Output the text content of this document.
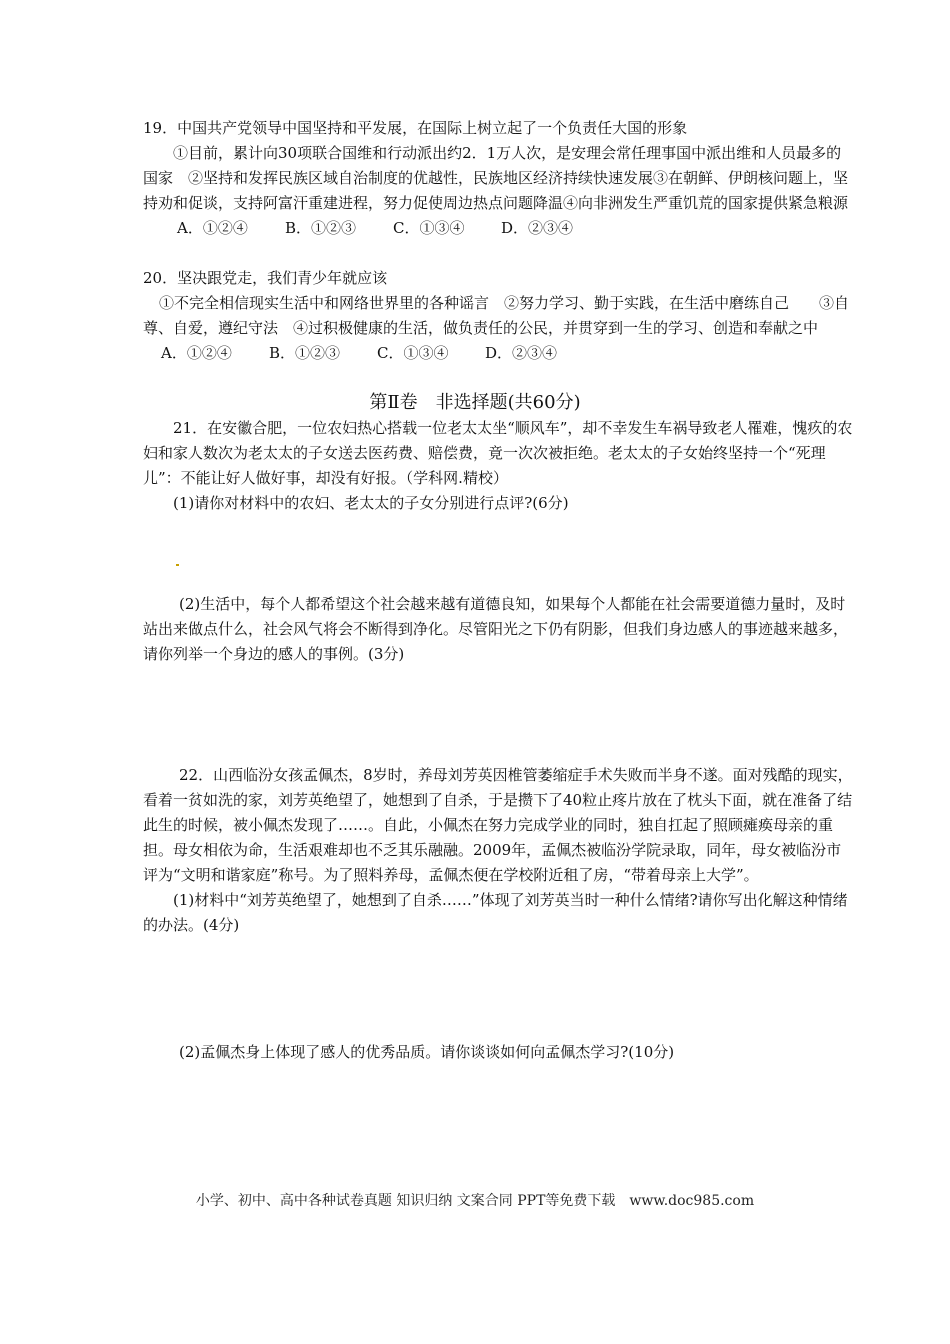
19．中国共产党领导中国坚持和平发展，在国际上树立起了一个负责任大国的形象

①目前，累计向30项联合国维和行动派出约2．1万人次，是安理会常任理事国中派出维和人员最多的国家　②坚持和发挥民族区域自治制度的优越性，民族地区经济持续快速发展③在朝鲜、伊朗核问题上，坚持劝和促谈，支持阿富汗重建进程，努力促使周边热点问题降温④向非洲发生严重饥荒的国家提供紧急粮源

A．①②④	B．①②③	C．①③④	D．②③④

20．坚决跟党走，我们青少年就应该

①不完全相信现实生活中和网络世界里的各种谣言　②努力学习、勤于实践，在生活中磨练自己　　③自尊、自爱，遵纪守法　④过积极健康的生活，做负责任的公民，并贯穿到一生的学习、创造和奉献之中

A．①②④	B．①②③	C．①③④	D．②③④
第Ⅱ卷　非选择题(共60分)

21．在安徽合肥，一位农妇热心搭载一位老太太坐“顺风车”，却不幸发生车祸导致老人罹难，愧疚的农妇和家人数次为老太太的子女送去医药费、赔偿费，竟一次次被拒绝。老太太的子女始终坚持一个“死理儿”：不能让好人做好事，却没有好报。（学科网.精校）

(1)请你对材料中的农妇、老太太的子女分别进行点评?(6分)

(2)生活中，每个人都希望这个社会越来越有道德良知，如果每个人都能在社会需要道德力量时，及时站出来做点什么，社会风气将会不断得到净化。尽管阳光之下仍有阴影，但我们身边感人的事迹越来越多，请你列举一个身边的感人的事例。(3分)

22．山西临汾女孩孟佩杰，8岁时，养母刘芳英因椎管萎缩症手术失败而半身不遂。面对残酷的现实，看着一贫如洗的家，刘芳英绝望了，她想到了自杀，于是攒下了40粒止疼片放在了枕头下面，就在准备了结此生的时候，被小佩杰发现了……。自此，小佩杰在努力完成学业的同时，独自扛起了照顾瘫痪母亲的重担。母女相依为命，生活艰难却也不乏其乐融融。2009年，孟佩杰被临汾学院录取，同年，母女被临汾市评为“文明和谐家庭”称号。为了照料养母，孟佩杰便在学校附近租了房，“带着母亲上大学”。

(1)材料中“刘芳英绝望了，她想到了自杀……”体现了刘芳英当时一种什么情绪?请你写出化解这种情绪的办法。(4分)

(2)孟佩杰身上体现了感人的优秀品质。请你谈谈如何向孟佩杰学习?(10分)

小学、初中、高中各种试卷真题 知识归纳 文案合同 PPT等免费下载　www.doc985.com
